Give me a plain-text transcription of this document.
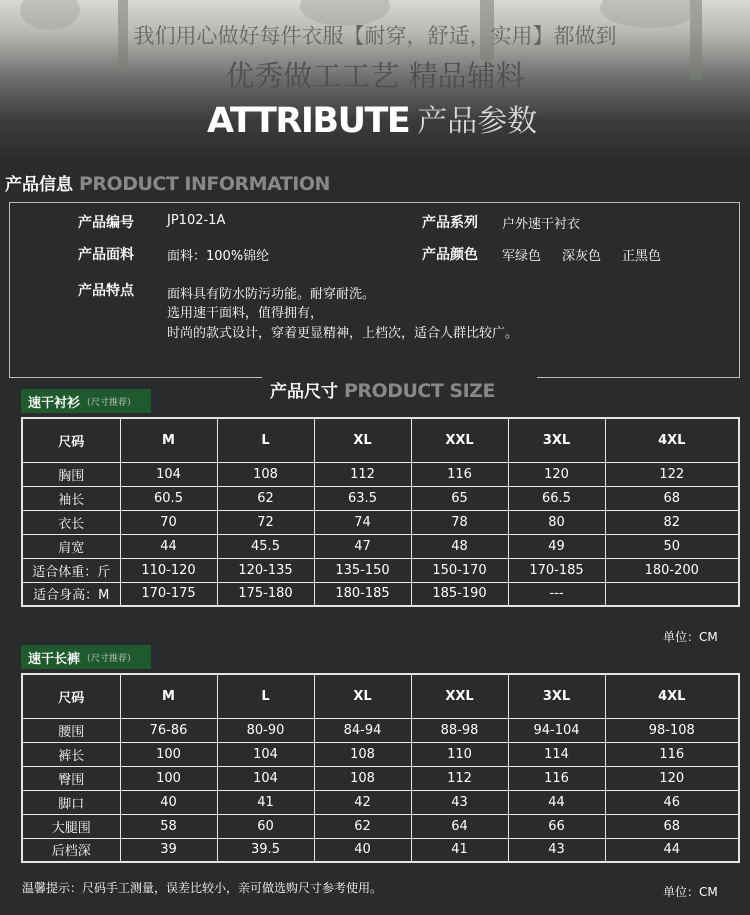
我们用心做好每件衣服【耐穿，舒适，实用】都做到
优秀做工工艺 精品辅料
ATTRIBUTE 产品参数
产品信息 PRODUCT INFORMATION
产品编号	JP102-1A	产品系列 户外速干衬衣
产品面料	面料：100%锦纶	产品颜色 军绿色 深灰色 正黑色
产品特点	面料具有防水防污功能。耐穿耐洗。
选用速干面料，值得拥有，
时尚的款式设计，穿着更显精神，上档次，适合人群比较广。
产品尺寸 PRODUCT SIZE
速干衬衫 （尺寸推荐）
尺码	M	L	XL	XXL	3XL	4XL
胸围	104	108	112	116	120	122
袖长	60.5	62	63.5	65	66.5	68
衣长	70	72	74	78	80	82
肩宽	44	45.5	47	48	49	50
适合体重：斤	110-120	120-135	135-150	150-170	170-185	180-200
适合身高：M	170-175	175-180	180-185	185-190	---	
单位：CM
速干长裤 （尺寸推荐）
尺码	M	L	XL	XXL	3XL	4XL
腰围	76-86	80-90	84-94	88-98	94-104	98-108
裤长	100	104	108	110	114	116
臀围	100	104	108	112	116	120
脚口	40	41	42	43	44	46
大腿围	58	60	62	64	66	68
后档深	39	39.5	40	41	43	44
温馨提示：尺码手工测量，误差比较小，亲可做选购尺寸参考使用。	单位：CM
